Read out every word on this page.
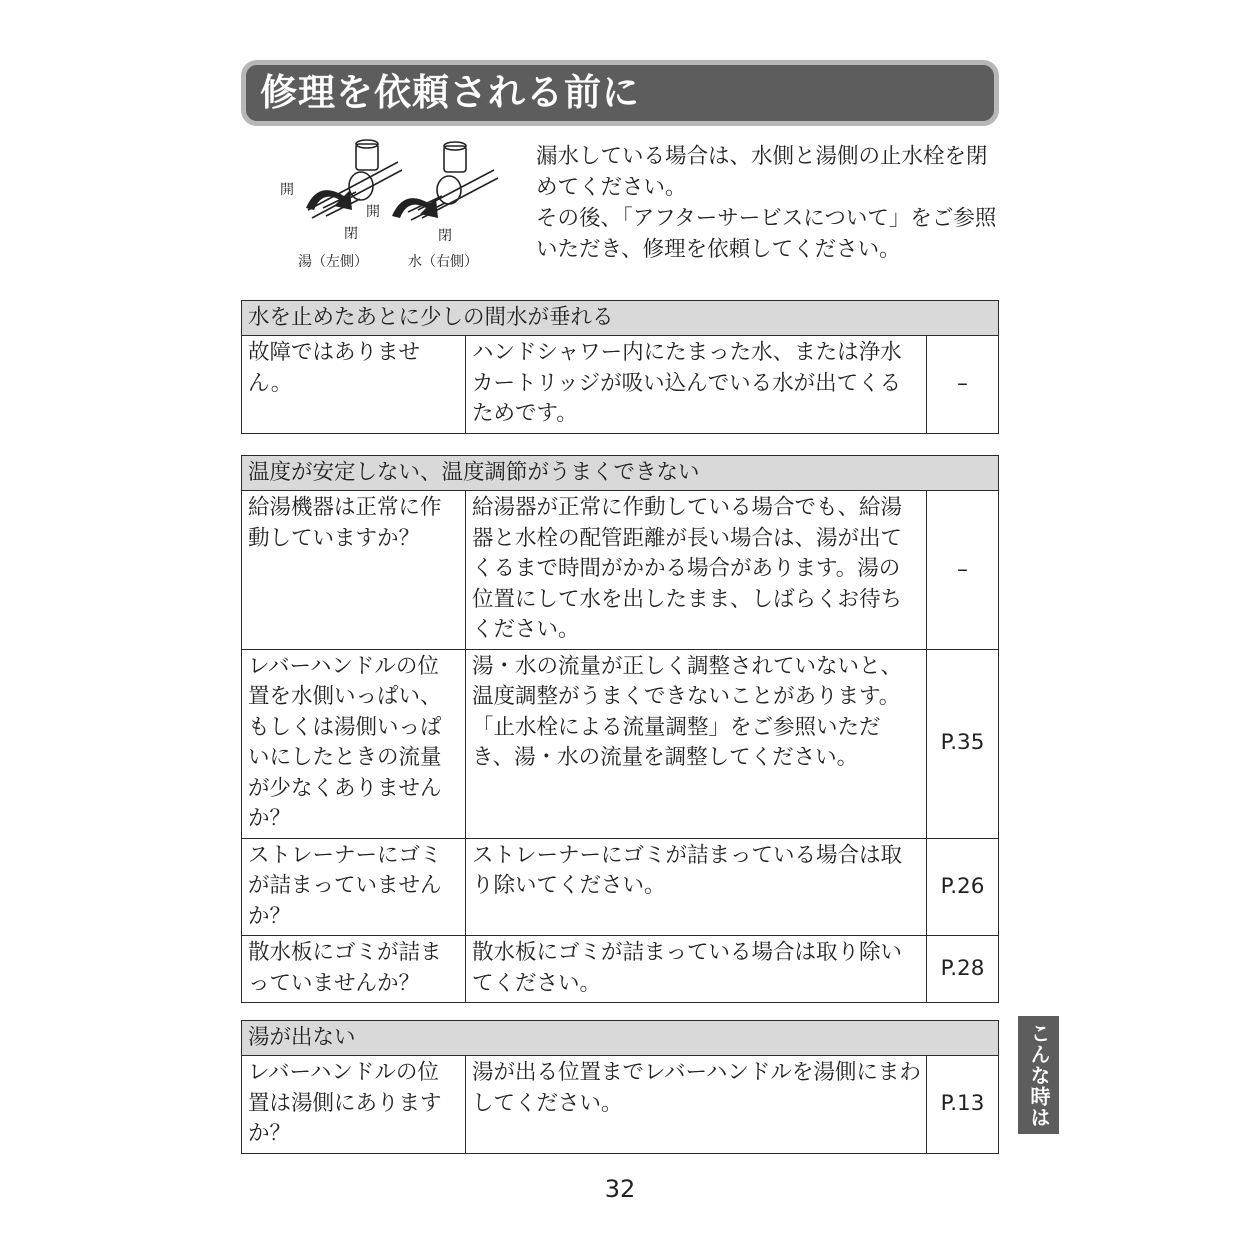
修理を依頼される前に
開
閉
開
閉
湯（左側）	水（右側）

漏水している場合は、水側と湯側の止水栓を閉めてください。

その後、「アフターサービスについて」をご参照いただき、修理を依頼してください。

水を止めたあとに少しの間水が垂れる
故障ではありません。	ハンドシャワー内にたまった水、または浄水カートリッジが吸い込んでいる水が出てくるためです。	–
温度が安定しない、温度調節がうまくできない		
給湯機器は正常に作動していますか？	給湯器が正常に作動している場合でも、給湯器と水栓の配管距離が長い場合は、湯が出てくるまで時間がかかる場合があります。湯の位置にして水を出したまま、しばらくお待ちください。	–
レバーハンドルの位置を水側いっぱい、もしくは湯側いっぱいにしたときの流量が少なくありませんか？	湯・水の流量が正しく調整されていないと、温度調整がうまくできないことがあります。「止水栓による流量調整」をご参照いただき、湯・水の流量を調整してください。	P.35
ストレーナーにゴミが詰まっていませんか？	ストレーナーにゴミが詰まっている場合は取り除いてください。	P.26
散水板にゴミが詰まっていませんか？	散水板にゴミが詰まっている場合は取り除いてください。	P.28
湯が出ない
レバーハンドルの位置は湯側にありますか？	湯が出る位置までレバーハンドルを湯側にまわしてください。	P.13	こんな時は
32
